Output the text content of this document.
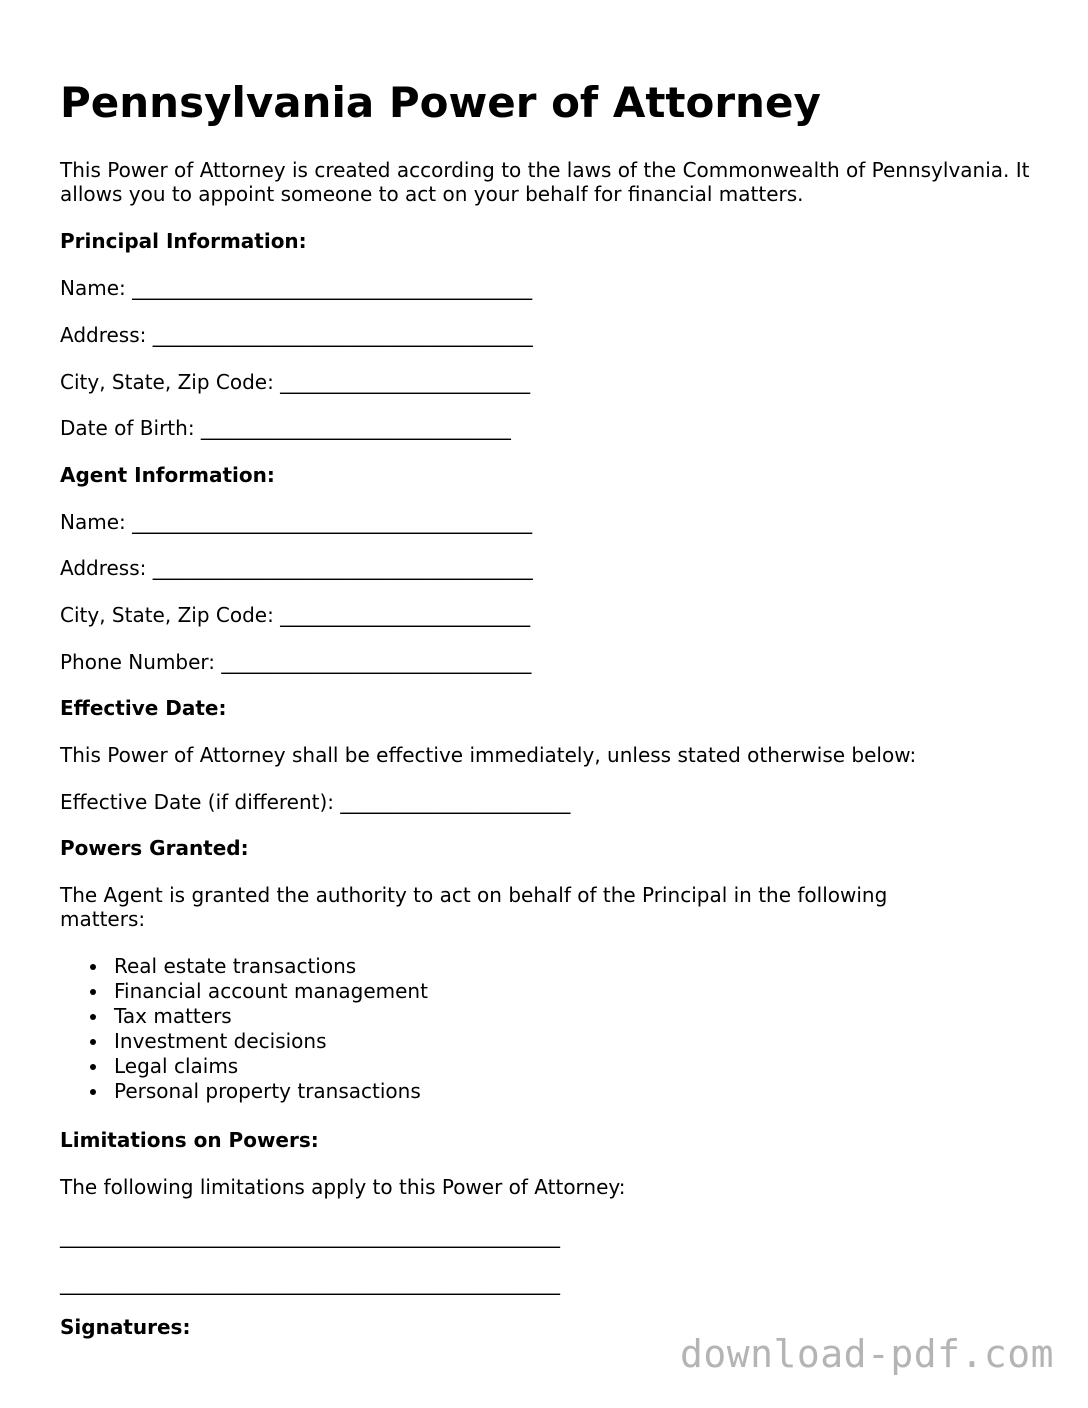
Pennsylvania Power of Attorney

This Power of Attorney is created according to the laws of the Commonwealth of Pennsylvania. It allows you to appoint someone to act on your behalf for financial matters.

Principal Information:

Name: ________________________________________

Address: ______________________________________

City, State, Zip Code: _________________________

Date of Birth: _______________________________

Agent Information:

Name: ________________________________________

Address: ______________________________________

City, State, Zip Code: _________________________

Phone Number: _______________________________

Effective Date:

This Power of Attorney shall be effective immediately, unless stated otherwise below:

Effective Date (if different): _______________________

Powers Granted:

The Agent is granted the authority to act on behalf of the Principal in the following matters:

Real estate transactions
Financial account management
Tax matters
Investment decisions
Legal claims
Personal property transactions

Limitations on Powers:

The following limitations apply to this Power of Attorney:

__________________________________________________

__________________________________________________

Signatures:

download-pdf.com
